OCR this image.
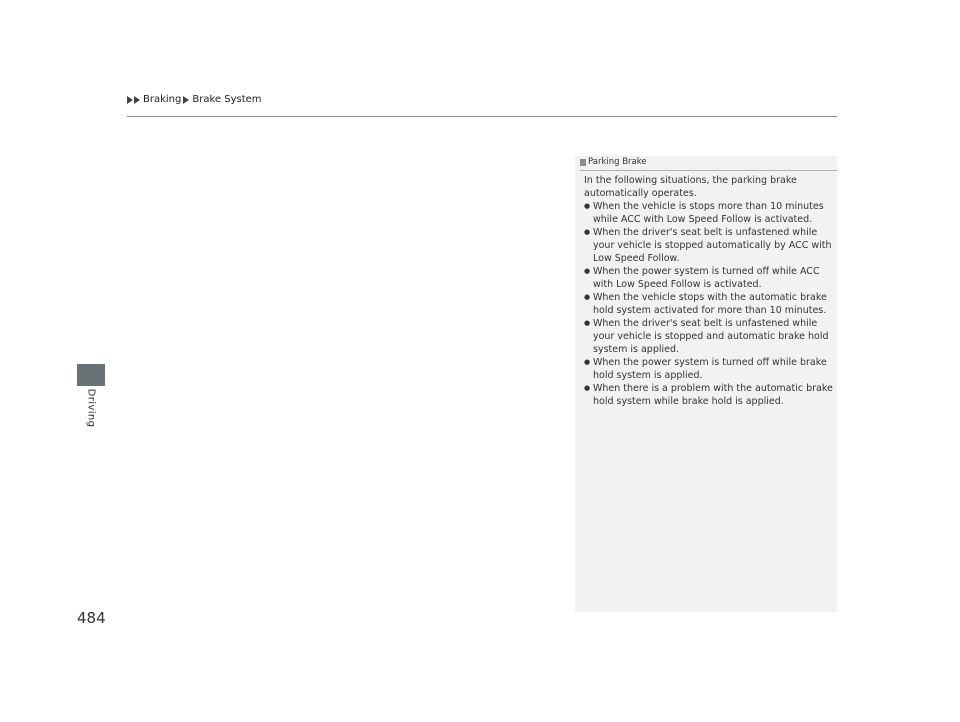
Braking Brake System
Driving
484
Parking Brake

In the following situations, the parking brake automatically operates.

● When the vehicle is stops more than 10 minutes while ACC with Low Speed Follow is activated.
● When the driver's seat belt is unfastened while your vehicle is stopped automatically by ACC with Low Speed Follow.
● When the power system is turned off while ACC with Low Speed Follow is activated.
● When the vehicle stops with the automatic brake hold system activated for more than 10 minutes.
● When the driver's seat belt is unfastened while your vehicle is stopped and automatic brake hold system is applied.
● When the power system is turned off while brake hold system is applied.
● When there is a problem with the automatic brake hold system while brake hold is applied.
